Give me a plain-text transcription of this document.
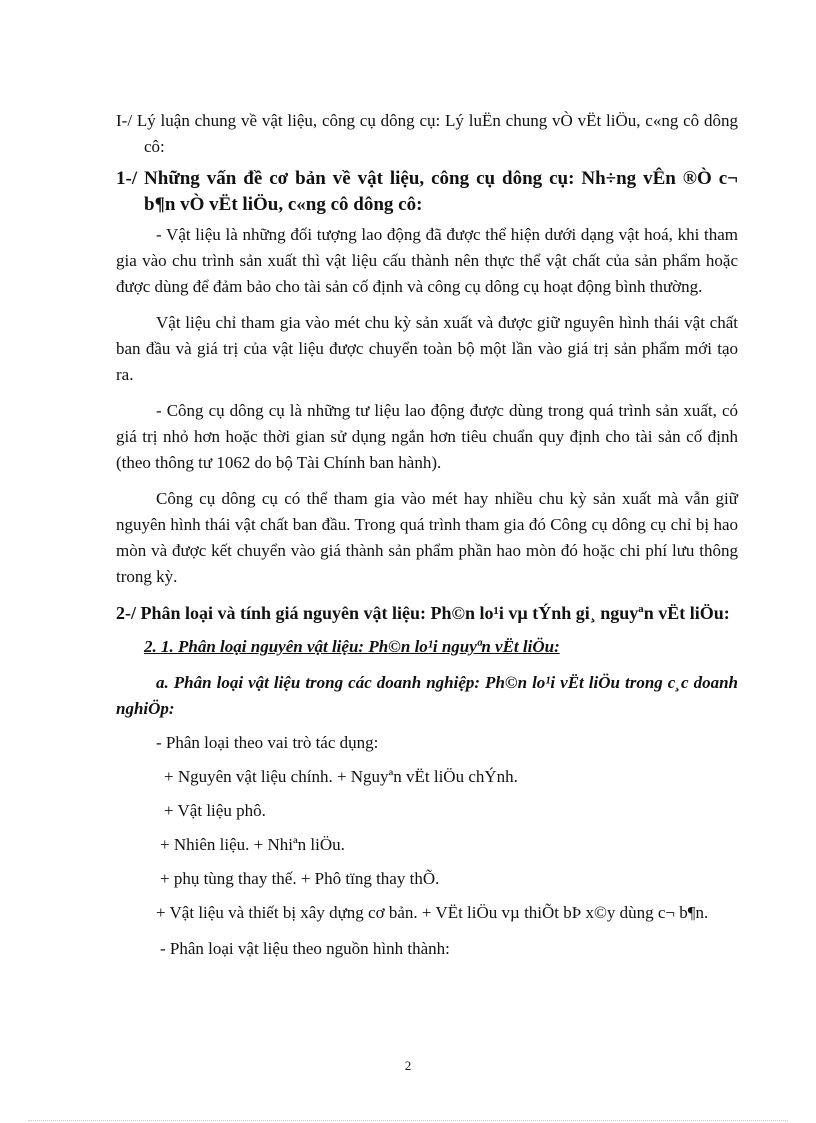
I-/ Lý luận chung về vật liệu, công cụ dông cụ: Lý luËn chung vÒ vËt liÖu, c«ng cô dông cô:

1-/ Những vấn đề cơ bản về vật liệu, công cụ dông cụ: Nh÷ng vÊn ®Ò c¬ b¶n vÒ vËt liÖu, c«ng cô dông cô:

- Vật liệu là những đối tượng lao động đã được thể hiện dưới dạng vật hoá, khi tham gia vào chu trình sản xuất thì vật liệu cấu thành nên thực thể vật chất của sản phẩm hoặc được dùng để đảm bảo cho tài sản cố định và công cụ dông cụ hoạt động bình thường.

Vật liệu chỉ tham gia vào mét chu kỳ sản xuất và được giữ nguyên hình thái vật chất ban đầu và giá trị của vật liệu được chuyển toàn bộ một lần vào giá trị sản phẩm mới tạo ra.

- Công cụ dông cụ là những tư liệu lao động được dùng trong quá trình sản xuất, có giá trị nhỏ hơn hoặc thời gian sử dụng ngắn hơn tiêu chuẩn quy định cho tài sản cố định (theo thông tư 1062 do bộ Tài Chính ban hành).

Công cụ dông cụ có thể tham gia vào mét hay nhiều chu kỳ sản xuất mà vẫn giữ nguyên hình thái vật chất ban đầu. Trong quá trình tham gia đó Công cụ dông cụ chỉ bị hao mòn và được kết chuyển vào giá thành sản phẩm phần hao mòn đó hoặc chi phí lưu thông trong kỳ.

2-/ Phân loại và tính giá nguyên vật liệu: Ph©n lo¹i vµ tÝnh gi¸ nguyªn vËt liÖu:

2. 1. Phân loại nguyên vật liệu: Ph©n lo¹i nguyªn vËt liÖu:

a. Phân loại vật liệu trong các doanh nghiệp: Ph©n lo¹i vËt liÖu trong c¸c doanh nghiÖp:

- Phân loại theo vai trò tác dụng:

+ Nguyên vật liệu chính. + Nguyªn vËt liÖu chÝnh.

+ Vật liệu phô.

+ Nhiên liệu. + Nhiªn liÖu.

+ phụ tùng thay thế. + Phô tïng thay thÕ.

+ Vật liệu và thiết bị xây dựng cơ bản. + VËt liÖu vµ thiÕt bÞ x©y dùng c¬ b¶n.

- Phân loại vật liệu theo nguồn hình thành:

2
